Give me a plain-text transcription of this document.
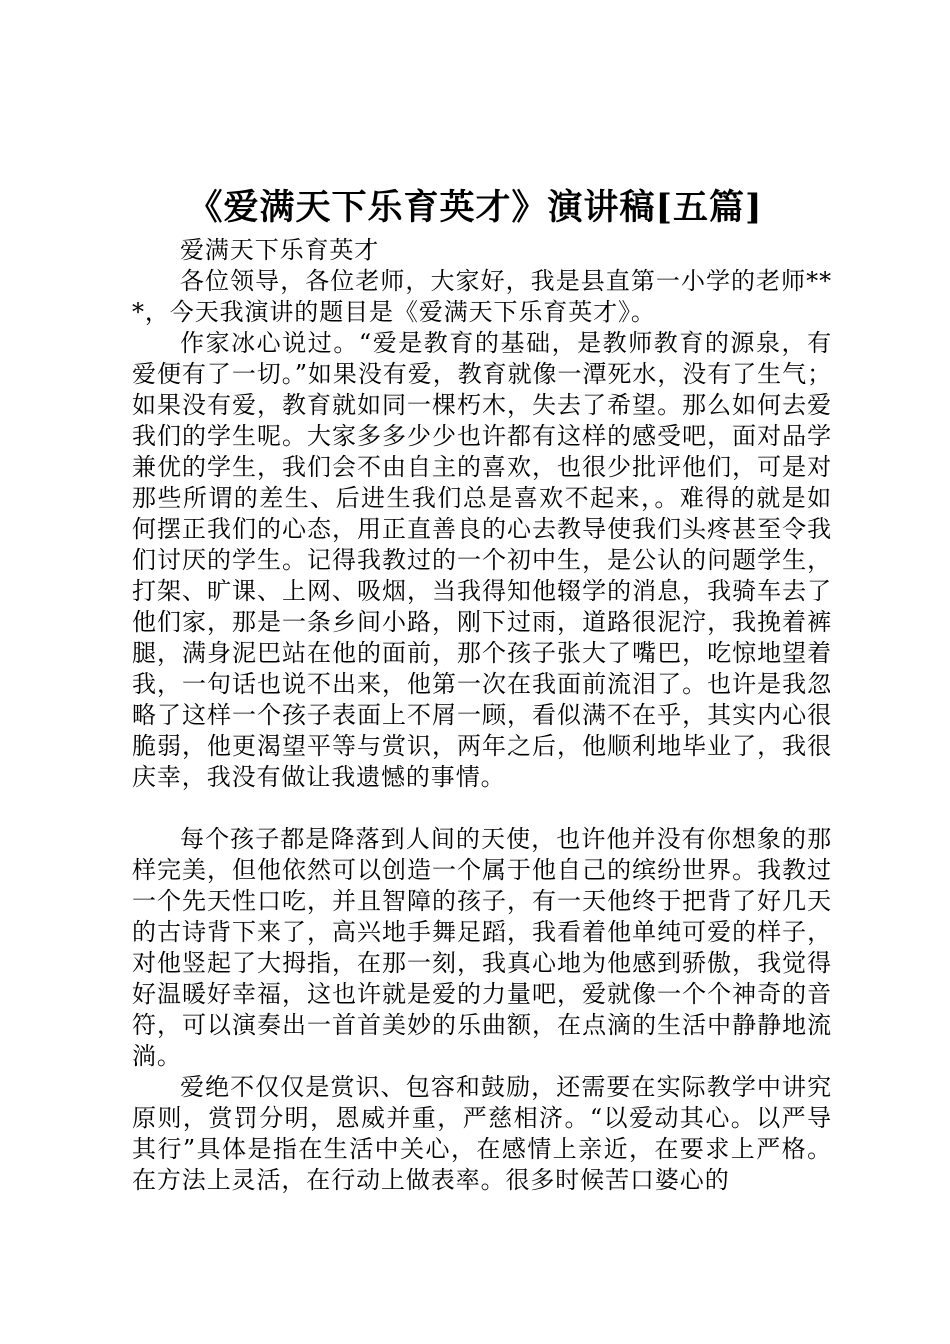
《爱满天下乐育英才》演讲稿[五篇]

爱满天下乐育英才

各位领导，各位老师，大家好，我是县直第一小学的老师***，今天我演讲的题目是《爱满天下乐育英才》。

作家冰心说过。“爱是教育的基础，是教师教育的源泉，有爱便有了一切。”如果没有爱，教育就像一潭死水，没有了生气；如果没有爱，教育就如同一棵朽木，失去了希望。那么如何去爱我们的学生呢。大家多多少少也许都有这样的感受吧，面对品学兼优的学生，我们会不由自主的喜欢，也很少批评他们，可是对那些所谓的差生、后进生我们总是喜欢不起来，。难得的就是如何摆正我们的心态，用正直善良的心去教导使我们头疼甚至令我们讨厌的学生。记得我教过的一个初中生，是公认的问题学生，打架、旷课、上网、吸烟，当我得知他辍学的消息，我骑车去了他们家，那是一条乡间小路，刚下过雨，道路很泥泞，我挽着裤腿，满身泥巴站在他的面前，那个孩子张大了嘴巴，吃惊地望着我，一句话也说不出来，他第一次在我面前流泪了。也许是我忽略了这样一个孩子表面上不屑一顾，看似满不在乎，其实内心很脆弱，他更渴望平等与赏识，两年之后，他顺利地毕业了，我很庆幸，我没有做让我遗憾的事情。

每个孩子都是降落到人间的天使，也许他并没有你想象的那样完美，但他依然可以创造一个属于他自己的缤纷世界。我教过一个先天性口吃，并且智障的孩子，有一天他终于把背了好几天的古诗背下来了，高兴地手舞足蹈，我看着他单纯可爱的样子，对他竖起了大拇指，在那一刻，我真心地为他感到骄傲，我觉得好温暖好幸福，这也许就是爱的力量吧，爱就像一个个神奇的音符，可以演奏出一首首美妙的乐曲额，在点滴的生活中静静地流淌。

爱绝不仅仅是赏识、包容和鼓励，还需要在实际教学中讲究原则，赏罚分明，恩威并重，严慈相济。“以爱动其心。以严导其行”具体是指在生活中关心，在感情上亲近，在要求上严格。在方法上灵活，在行动上做表率。很多时候苦口婆心的
